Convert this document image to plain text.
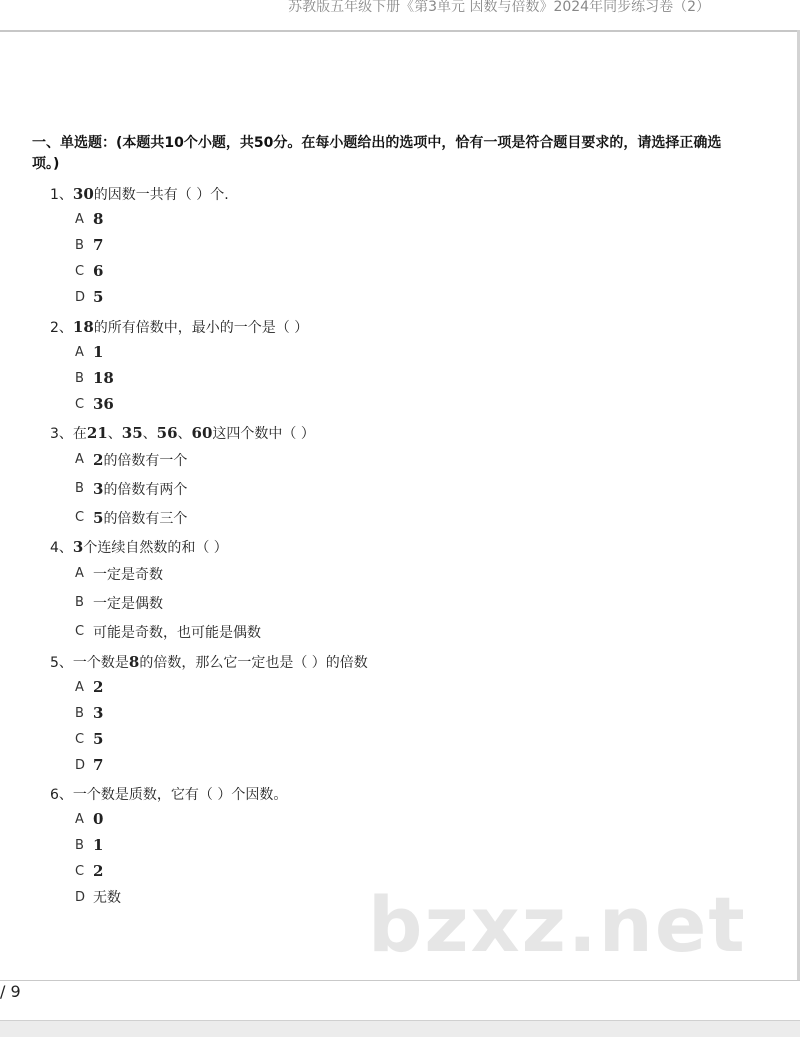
苏教版五年级下册《第3单元 因数与倍数》2024年同步练习卷（2）
一、单选题：(本题共10个小题，共50分。在每小题给出的选项中，恰有一项是符合题目要求的，请选择正确选项。)
1、30的因数一共有（ ）个.
A 8
B 7
C 6
D 5
2、18的所有倍数中，最小的一个是（ ）
A 1
B 18
C 36
3、在21、35、56、60这四个数中（ ）
A 2的倍数有一个
B 3的倍数有两个
C 5的倍数有三个
4、3个连续自然数的和（ ）
A 一定是奇数
B 一定是偶数
C 可能是奇数，也可能是偶数
5、一个数是8的倍数，那么它一定也是（ ）的倍数
A 2
B 3
C 5
D 7
6、一个数是质数，它有（ ）个因数。
A 0
B 1
C 2
D 无数	bzxz.net
/ 9
